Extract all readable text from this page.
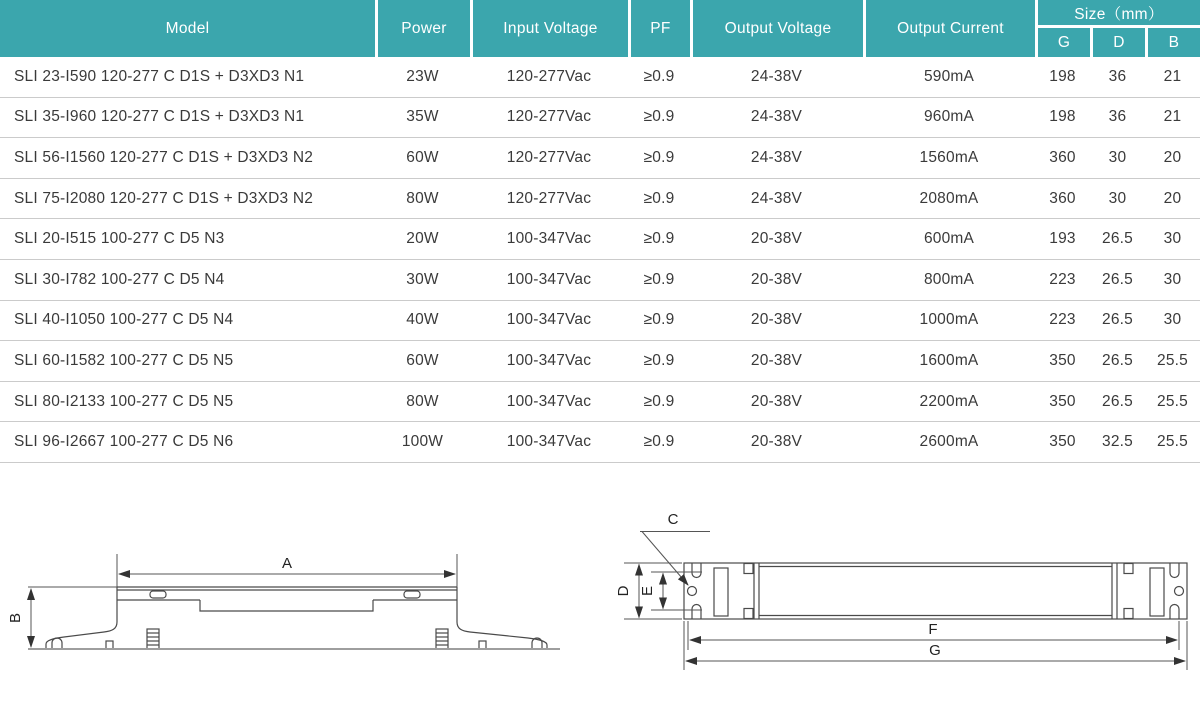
Model	Power	Input Voltage	PF	Output Voltage	Output Current	Size（mm）		
						G	D	B
SLI 23-I590 120-277 C D1S + D3XD3 N1	23W	120-277Vac	≥0.9	24-38V	590mA	198	36	21
SLI 35-I960 120-277 C D1S + D3XD3 N1	35W	120-277Vac	≥0.9	24-38V	960mA	198	36	21
SLI 56-I1560 120-277 C D1S + D3XD3 N2	60W	120-277Vac	≥0.9	24-38V	1560mA	360	30	20
SLI 75-I2080 120-277 C D1S + D3XD3 N2	80W	120-277Vac	≥0.9	24-38V	2080mA	360	30	20
SLI 20-I515 100-277 C D5 N3	20W	100-347Vac	≥0.9	20-38V	600mA	193	26.5	30
SLI 30-I782 100-277 C D5 N4	30W	100-347Vac	≥0.9	20-38V	800mA	223	26.5	30
SLI 40-I1050 100-277 C D5 N4	40W	100-347Vac	≥0.9	20-38V	1000mA	223	26.5	30
SLI 60-I1582 100-277 C D5 N5	60W	100-347Vac	≥0.9	20-38V	1600mA	350	26.5	25.5
SLI 80-I2133 100-277 C D5 N5	80W	100-347Vac	≥0.9	20-38V	2200mA	350	26.5	25.5
SLI 96-I2667 100-277 C D5 N6	100W	100-347Vac	≥0.9	20-38V	2600mA	350	32.5	25.5
A
B
C
D E
F
G
